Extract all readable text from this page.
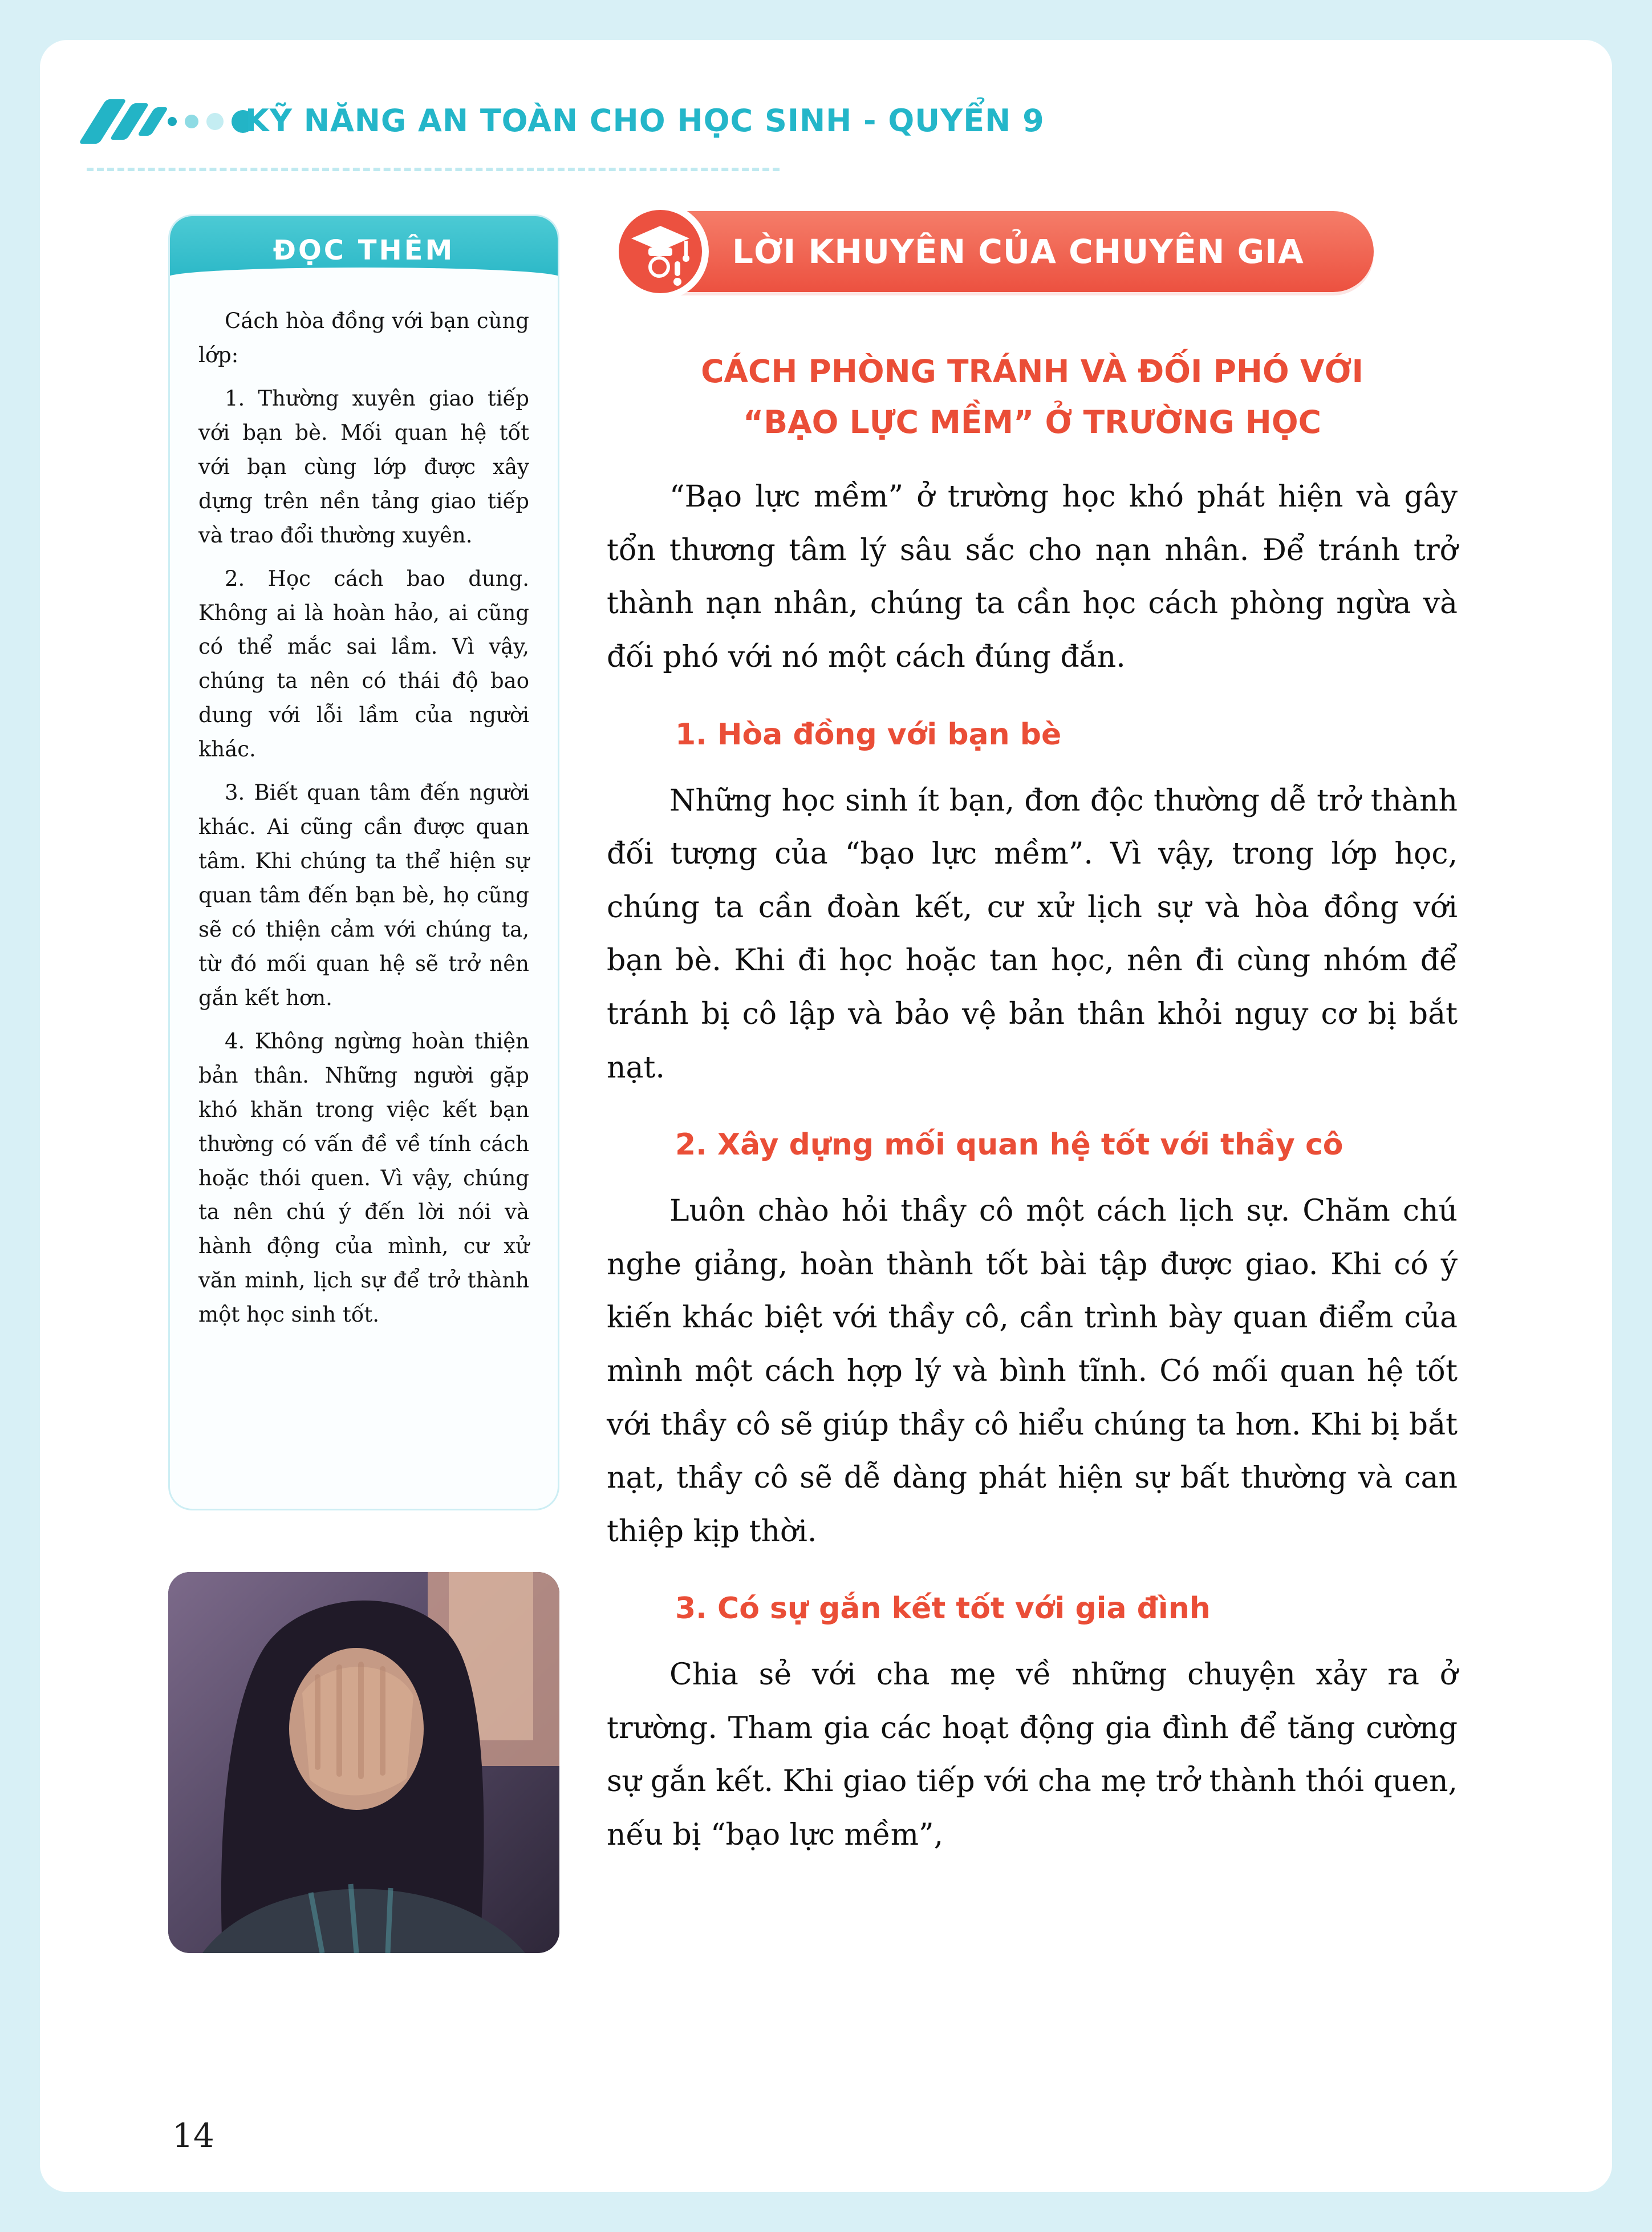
KỸ NĂNG AN TOÀN CHO HỌC SINH - QUYỂN 9
ĐỌC THÊM

Cách hòa đồng với bạn cùng lớp:

1. Thường xuyên giao tiếp với bạn bè. Mối quan hệ tốt với bạn cùng lớp được xây dựng trên nền tảng giao tiếp và trao đổi thường xuyên.

2. Học cách bao dung. Không ai là hoàn hảo, ai cũng có thể mắc sai lầm. Vì vậy, chúng ta nên có thái độ bao dung với lỗi lầm của người khác.

3. Biết quan tâm đến người khác. Ai cũng cần được quan tâm. Khi chúng ta thể hiện sự quan tâm đến bạn bè, họ cũng sẽ có thiện cảm với chúng ta, từ đó mối quan hệ sẽ trở nên gắn kết hơn.

4. Không ngừng hoàn thiện bản thân. Những người gặp khó khăn trong việc kết bạn thường có vấn đề về tính cách hoặc thói quen. Vì vậy, chúng ta nên chú ý đến lời nói và hành động của mình, cư xử văn minh, lịch sự để trở thành một học sinh tốt.

LỜI KHUYÊN CỦA CHUYÊN GIA
CÁCH PHÒNG TRÁNH VÀ ĐỐI PHÓ VỚI
“BẠO LỰC MỀM” Ở TRƯỜNG HỌC

“Bạo lực mềm” ở trường học khó phát hiện và gây tổn thương tâm lý sâu sắc cho nạn nhân. Để tránh trở thành nạn nhân, chúng ta cần học cách phòng ngừa và đối phó với nó một cách đúng đắn.

1. Hòa đồng với bạn bè

Những học sinh ít bạn, đơn độc thường dễ trở thành đối tượng của “bạo lực mềm”. Vì vậy, trong lớp học, chúng ta cần đoàn kết, cư xử lịch sự và hòa đồng với bạn bè. Khi đi học hoặc tan học, nên đi cùng nhóm để tránh bị cô lập và bảo vệ bản thân khỏi nguy cơ bị bắt nạt.

2. Xây dựng mối quan hệ tốt với thầy cô

Luôn chào hỏi thầy cô một cách lịch sự. Chăm chú nghe giảng, hoàn thành tốt bài tập được giao. Khi có ý kiến khác biệt với thầy cô, cần trình bày quan điểm của mình một cách hợp lý và bình tĩnh. Có mối quan hệ tốt với thầy cô sẽ giúp thầy cô hiểu chúng ta hơn. Khi bị bắt nạt, thầy cô sẽ dễ dàng phát hiện sự bất thường và can thiệp kịp thời.

3. Có sự gắn kết tốt với gia đình

Chia sẻ với cha mẹ về những chuyện xảy ra ở trường. Tham gia các hoạt động gia đình để tăng cường sự gắn kết. Khi giao tiếp với cha mẹ trở thành thói quen, nếu bị “bạo lực mềm”,

14
